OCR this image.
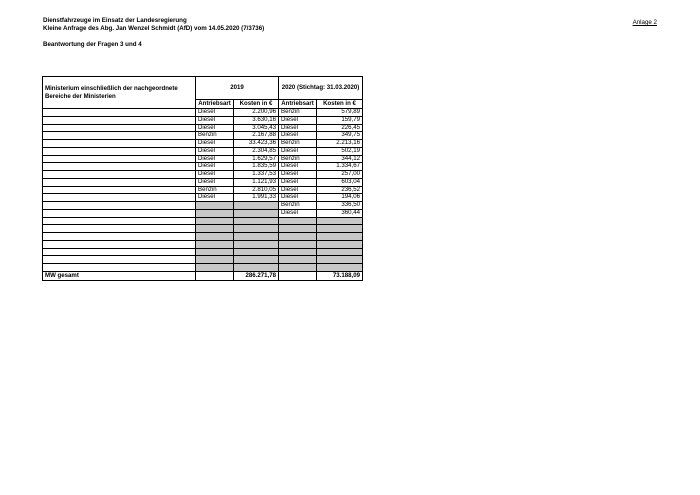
Dienstfahrzeuge im Einsatz der Landesregierung
Kleine Anfrage des Abg. Jan Wenzel Schmidt (AfD) vom 14.05.2020 (7/3736)
Beantwortung der Fragen 3 und 4
Anlage 2
Ministerium einschließlich der nachgeordnete Bereiche der Ministerien	2019		2020 (Stichtag: 31.03.2020)	
	Antriebsart	Kosten in €	Antriebsart	Kosten in €
	Diesel	2.200,96	Benzin	579,89
	Diesel	3.630,16	Diesel	159,79
	Diesel	3.045,43	Diesel	226,45
	Benzin	2.167,88	Diesel	349,75
	Diesel	33.423,36	Benzin	2.213,16
	Diesel	2.304,85	Diesel	502,19
	Diesel	1.629,57	Benzin	344,12
	Diesel	1.835,59	Diesel	1.334,67
	Diesel	1.337,53	Diesel	257,00
	Diesel	1.121,93	Diesel	603,04
	Benzin	2.810,05	Diesel	236,52
	Diesel	1.991,33	Diesel	194,06
			Benzin	336,50
			Diesel	360,44

MW gesamt		286.271,78		73.188,09
